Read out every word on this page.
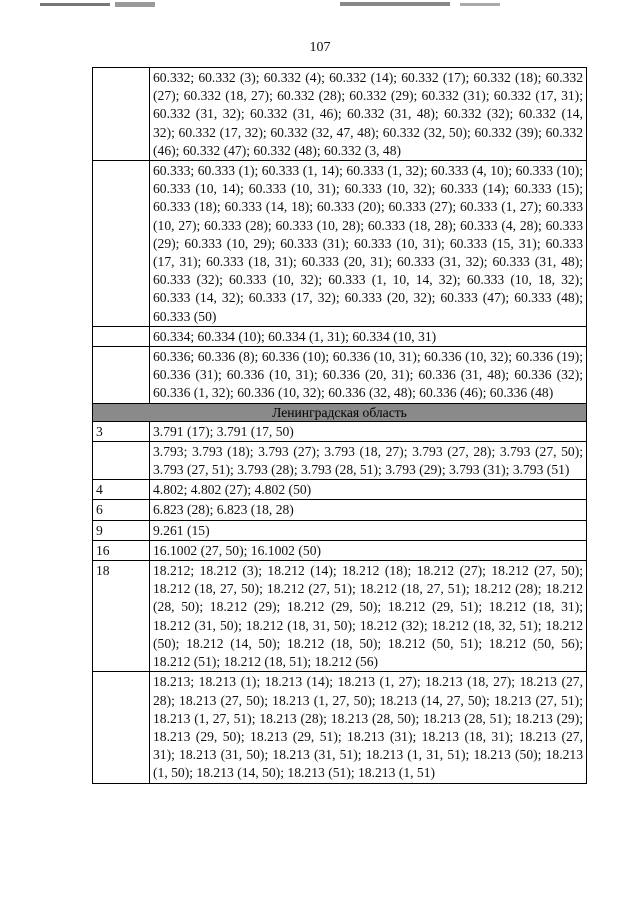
107
	60.332; 60.332 (3); 60.332 (4); 60.332 (14); 60.332 (17); 60.332 (18); 60.332 (27); 60.332 (18, 27); 60.332 (28); 60.332 (29); 60.332 (31); 60.332 (17, 31); 60.332 (31, 32); 60.332 (31, 46); 60.332 (31, 48); 60.332 (32); 60.332 (14, 32); 60.332 (17, 32); 60.332 (32, 47, 48); 60.332 (32, 50); 60.332 (39); 60.332 (46); 60.332 (47); 60.332 (48); 60.332 (3, 48)
	60.333; 60.333 (1); 60.333 (1, 14); 60.333 (1, 32); 60.333 (4, 10); 60.333 (10); 60.333 (10, 14); 60.333 (10, 31); 60.333 (10, 32); 60.333 (14); 60.333 (15); 60.333 (18); 60.333 (14, 18); 60.333 (20); 60.333 (27); 60.333 (1, 27); 60.333 (10, 27); 60.333 (28); 60.333 (10, 28); 60.333 (18, 28); 60.333 (4, 28); 60.333 (29); 60.333 (10, 29); 60.333 (31); 60.333 (10, 31); 60.333 (15, 31); 60.333 (17, 31); 60.333 (18, 31); 60.333 (20, 31); 60.333 (31, 32); 60.333 (31, 48); 60.333 (32); 60.333 (10, 32); 60.333 (1, 10, 14, 32); 60.333 (10, 18, 32); 60.333 (14, 32); 60.333 (17, 32); 60.333 (20, 32); 60.333 (47); 60.333 (48); 60.333 (50)
	60.334; 60.334 (10); 60.334 (1, 31); 60.334 (10, 31)
	60.336; 60.336 (8); 60.336 (10); 60.336 (10, 31); 60.336 (10, 32); 60.336 (19); 60.336 (31); 60.336 (10, 31); 60.336 (20, 31); 60.336 (31, 48); 60.336 (32); 60.336 (1, 32); 60.336 (10, 32); 60.336 (32, 48); 60.336 (46); 60.336 (48)
Ленинградская область	
3	3.791 (17); 3.791 (17, 50)
	3.793; 3.793 (18); 3.793 (27); 3.793 (18, 27); 3.793 (27, 28); 3.793 (27, 50); 3.793 (27, 51); 3.793 (28); 3.793 (28, 51); 3.793 (29); 3.793 (31); 3.793 (51)
4	4.802; 4.802 (27); 4.802 (50)
6	6.823 (28); 6.823 (18, 28)
9	9.261 (15)
16	16.1002 (27, 50); 16.1002 (50)
18	18.212; 18.212 (3); 18.212 (14); 18.212 (18); 18.212 (27); 18.212 (27, 50); 18.212 (18, 27, 50); 18.212 (27, 51); 18.212 (18, 27, 51); 18.212 (28); 18.212 (28, 50); 18.212 (29); 18.212 (29, 50); 18.212 (29, 51); 18.212 (18, 31); 18.212 (31, 50); 18.212 (18, 31, 50); 18.212 (32); 18.212 (18, 32, 51); 18.212 (50); 18.212 (14, 50); 18.212 (18, 50); 18.212 (50, 51); 18.212 (50, 56); 18.212 (51); 18.212 (18, 51); 18.212 (56)
	18.213; 18.213 (1); 18.213 (14); 18.213 (1, 27); 18.213 (18, 27); 18.213 (27, 28); 18.213 (27, 50); 18.213 (1, 27, 50); 18.213 (14, 27, 50); 18.213 (27, 51); 18.213 (1, 27, 51); 18.213 (28); 18.213 (28, 50); 18.213 (28, 51); 18.213 (29); 18.213 (29, 50); 18.213 (29, 51); 18.213 (31); 18.213 (18, 31); 18.213 (27, 31); 18.213 (31, 50); 18.213 (31, 51); 18.213 (1, 31, 51); 18.213 (50); 18.213 (1, 50); 18.213 (14, 50); 18.213 (51); 18.213 (1, 51)
